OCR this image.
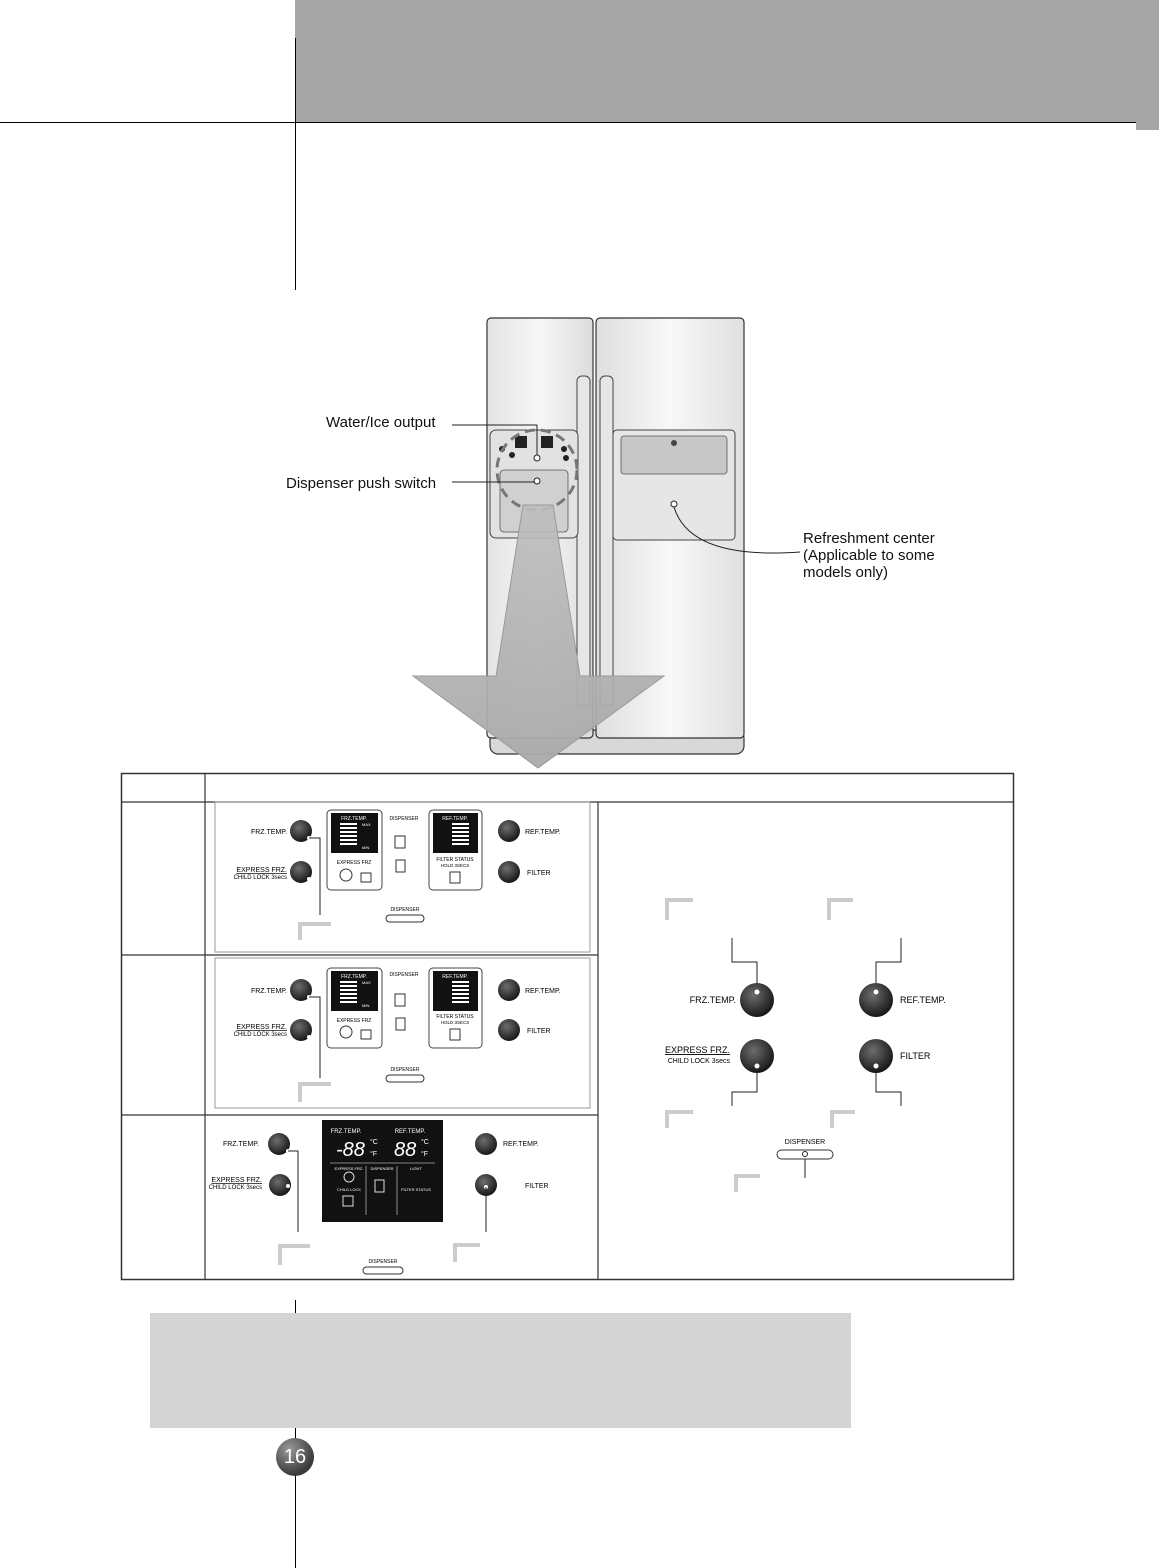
Water/Ice output
Dispenser push switch
Refreshment center
(Applicable to some
models only)
FRZ.TEMP.
EXPRESS FRZ.
CHILD LOCK 3secs
FRZ.TEMP.
MAX
MIN
EXPRESS FRZ
DISPENSER	REF.TEMP.
FILTER STATUS
HOLD 3SECS
REF.TEMP.
FILTER
DISPENSER
FRZ.TEMP.
EXPRESS FRZ.
CHILD LOCK 3secs
FRZ.TEMP.
MAX
MIN
EXPRESS FRZ
DISPENSER	REF.TEMP.
FILTER STATUS
HOLD 3SECS
REF.TEMP.
FILTER
DISPENSER
FRZ.TEMP.
EXPRESS FRZ.
CHILD LOCK 3secs
FRZ.TEMP.	REF.TEMP.
-88 88
°C
°F
°C
°F
EXPRESS FRZ. DISPENSER	LIGHT
CHILD LOCK	FILTER STATUS
REF.TEMP.
FILTER
DISPENSER
FRZ.TEMP.	REF.TEMP.
EXPRESS FRZ.
CHILD LOCK 3secs
FILTER
DISPENSER
16
